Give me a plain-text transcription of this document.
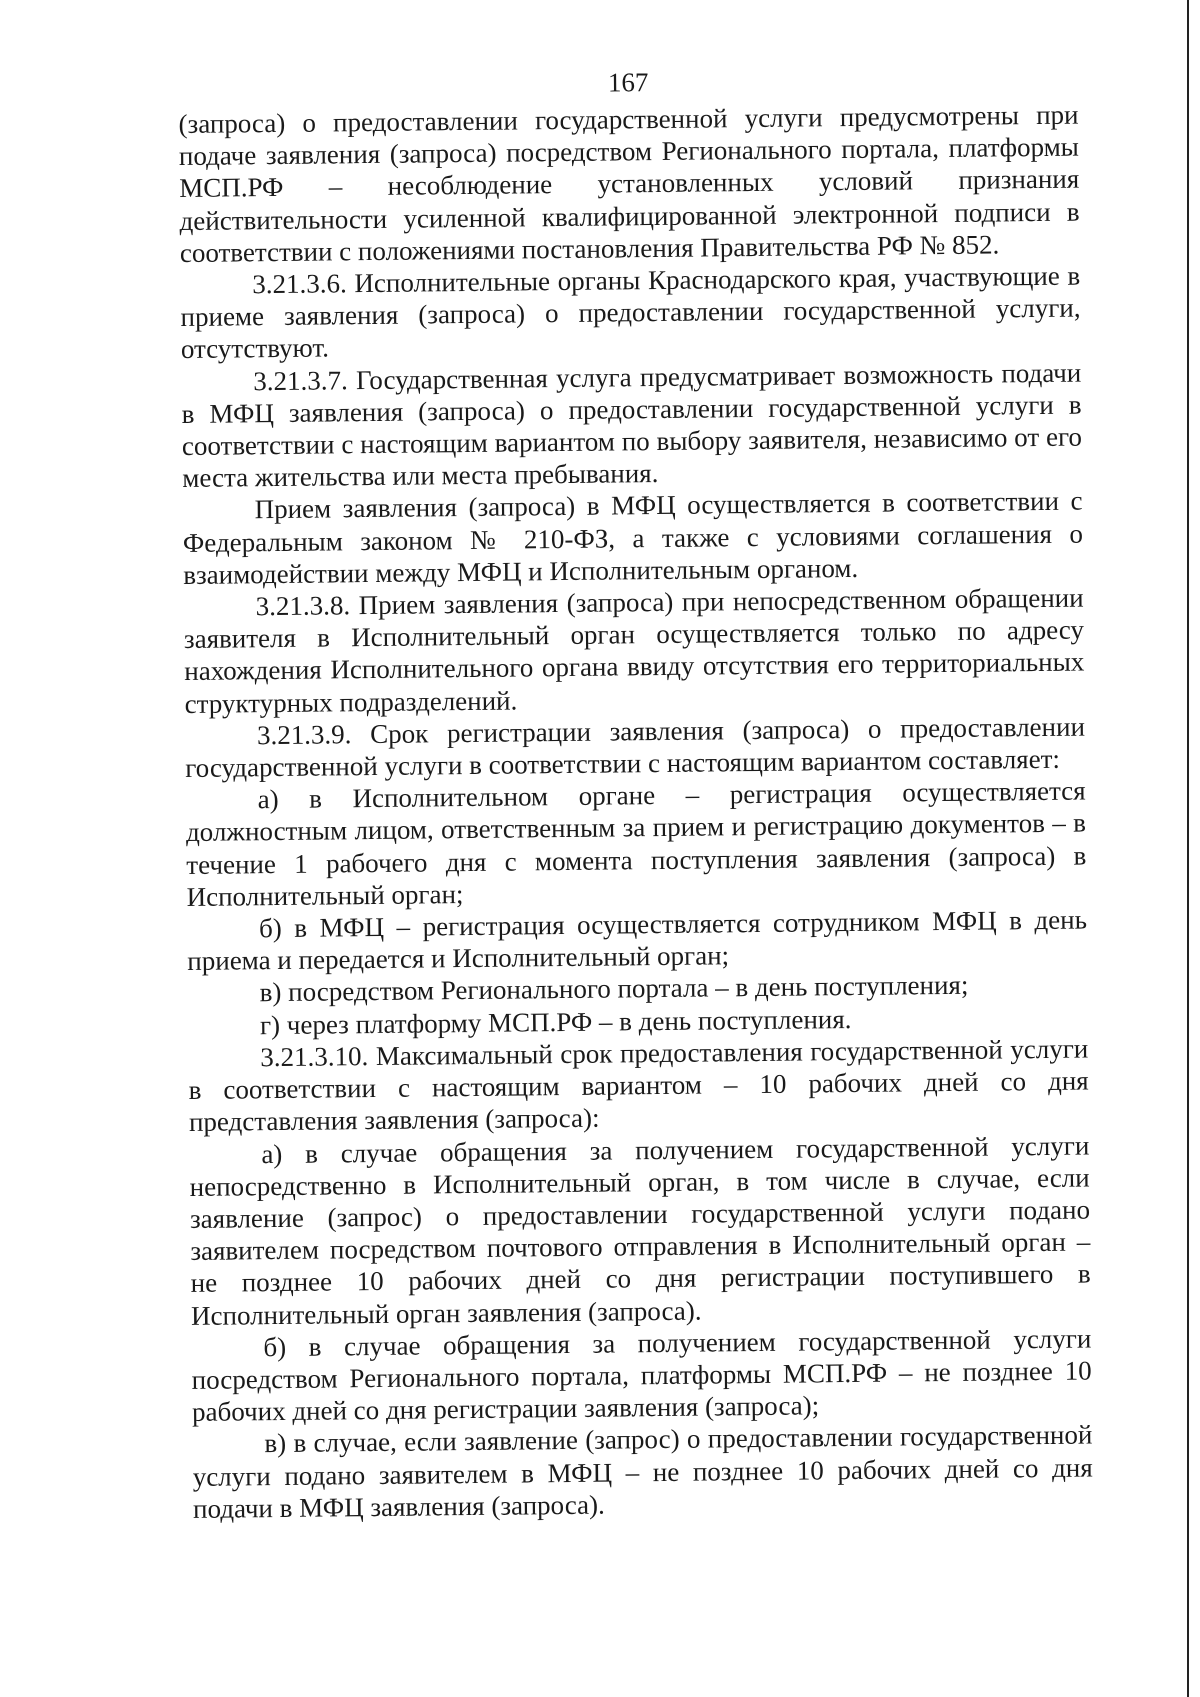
167

(запроса) о предоставлении государственной услуги предусмотрены при подаче заявления (запроса) посредством Регионального портала, платформы МСП.РФ – несоблюдение установленных условий признания действительности усиленной квалифицированной электронной подписи в соответствии с положениями постановления Правительства РФ № 852.

3.21.3.6. Исполнительные органы Краснодарского края, участвующие в приеме заявления (запроса) о предоставлении государственной услуги, отсутствуют.

3.21.3.7. Государственная услуга предусматривает возможность подачи в МФЦ заявления (запроса) о предоставлении государственной услуги в соответствии с настоящим вариантом по выбору заявителя, независимо от его места жительства или места пребывания.

Прием заявления (запроса) в МФЦ осуществляется в соответствии с Федеральным законом № 210-ФЗ, а также с условиями соглашения о взаимодействии между МФЦ и Исполнительным органом.

3.21.3.8. Прием заявления (запроса) при непосредственном обращении заявителя в Исполнительный орган осуществляется только по адресу нахождения Исполнительного органа ввиду отсутствия его территориальных структурных подразделений.

3.21.3.9. Срок регистрации заявления (запроса) о предоставлении государственной услуги в соответствии с настоящим вариантом составляет:

а) в Исполнительном органе – регистрация осуществляется должностным лицом, ответственным за прием и регистрацию документов – в течение 1 рабочего дня с момента поступления заявления (запроса) в Исполнительный орган;

б) в МФЦ – регистрация осуществляется сотрудником МФЦ в день приема и передается и Исполнительный орган;

в) посредством Регионального портала – в день поступления;

г) через платформу МСП.РФ – в день поступления.

3.21.3.10. Максимальный срок предоставления государственной услуги в соответствии с настоящим вариантом – 10 рабочих дней со дня представления заявления (запроса):

а) в случае обращения за получением государственной услуги непосредственно в Исполнительный орган, в том числе в случае, если заявление (запрос) о предоставлении государственной услуги подано заявителем посредством почтового отправления в Исполнительный орган – не позднее 10 рабочих дней со дня регистрации поступившего в Исполнительный орган заявления (запроса).

б) в случае обращения за получением государственной услуги посредством Регионального портала, платформы МСП.РФ – не позднее 10 рабочих дней со дня регистрации заявления (запроса);

в) в случае, если заявление (запрос) о предоставлении государственной услуги подано заявителем в МФЦ – не позднее 10 рабочих дней со дня подачи в МФЦ заявления (запроса).
